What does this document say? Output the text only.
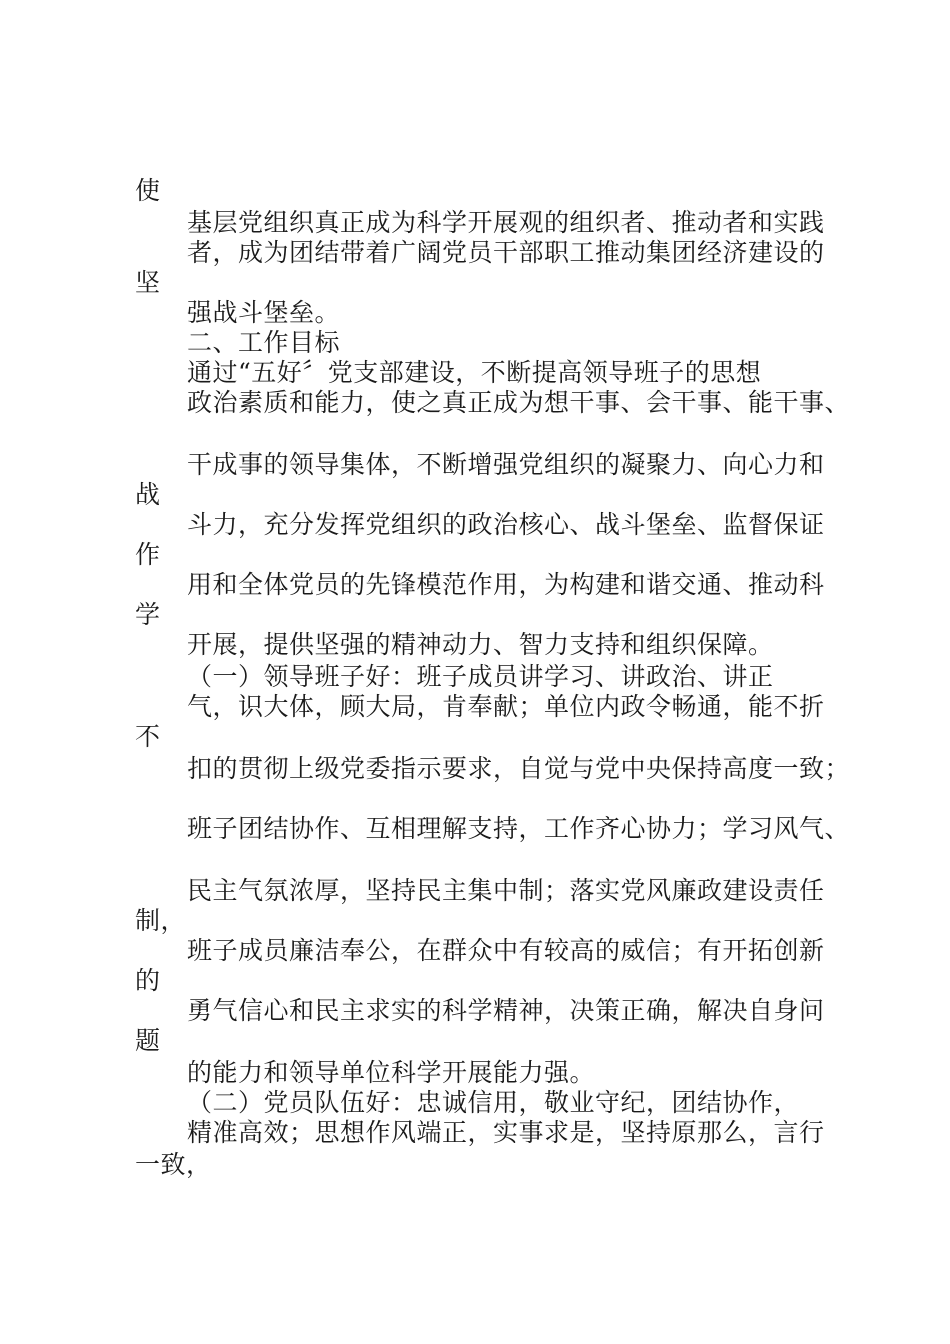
使
基层党组织真正成为科学开展观的组织者、推动者和实践
者，成为团结带着广阔党员干部职工推动集团经济建设的
坚
强战斗堡垒。
二、工作目标
通过“五好〞党支部建设，不断提高领导班子的思想
政治素质和能力，使之真正成为想干事、会干事、能干事、
干成事的领导集体，不断增强党组织的凝聚力、向心力和
战
斗力，充分发挥党组织的政治核心、战斗堡垒、监督保证
作
用和全体党员的先锋模范作用，为构建和谐交通、推动科
学
开展，提供坚强的精神动力、智力支持和组织保障。
（一）领导班子好：班子成员讲学习、讲政治、讲正
气，识大体，顾大局，肯奉献；单位内政令畅通，能不折
不
扣的贯彻上级党委指示要求，自觉与党中央保持高度一致；
班子团结协作、互相理解支持，工作齐心协力；学习风气、
民主气氛浓厚，坚持民主集中制；落实党风廉政建设责任
制，
班子成员廉洁奉公，在群众中有较高的威信；有开拓创新
的
勇气信心和民主求实的科学精神，决策正确，解决自身问
题
的能力和领导单位科学开展能力强。
（二）党员队伍好：忠诚信用，敬业守纪，团结协作，
精准高效；思想作风端正，实事求是，坚持原那么，言行
一致，
